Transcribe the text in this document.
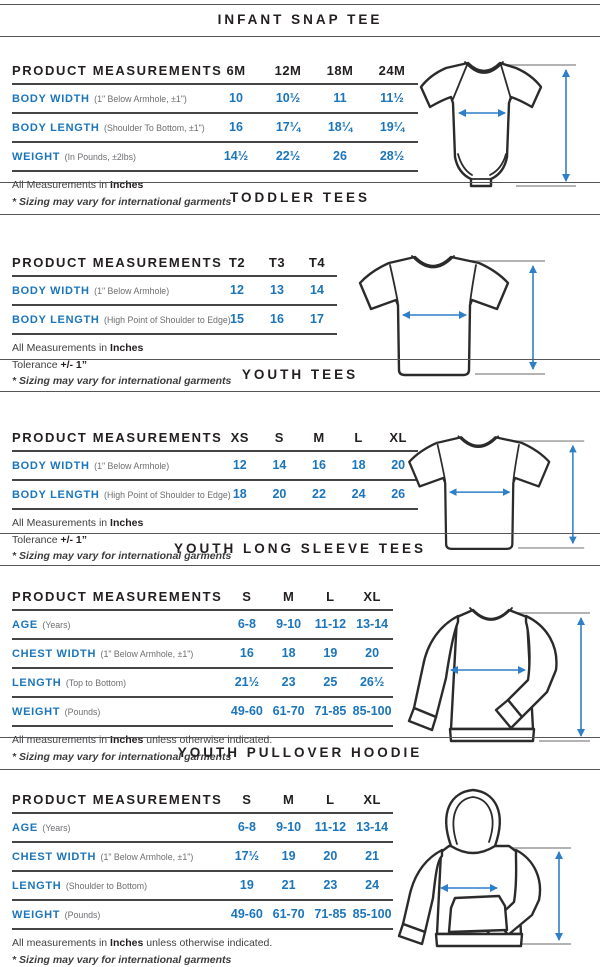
INFANT SNAP TEE
PRODUCT MEASUREMENTS	6M	12M	18M	24M
BODY WIDTH (1" Below Armhole, ±1")	10	10½	11	11½
BODY LENGTH (Shoulder To Bottom, ±1")	16	17¼	18¼	19¼
WEIGHT (In Pounds, ±2lbs)	14½	22½	26	28½

All Measurements in Inches

* Sizing may vary for international garments

TODDLER TEES
PRODUCT MEASUREMENTS	T2	T3	T4
BODY WIDTH (1" Below Armhole)	12	13	14
BODY LENGTH (High Point of Shoulder to Edge)	15	16	17

All Measurements in Inches

Tolerance +/- 1”

* Sizing may vary for international garments YOUTH TEES
PRODUCT MEASUREMENTS	XS	S	M	L	XL
BODY WIDTH (1" Below Armhole)	12	14	16	18	20
BODY LENGTH (High Point of Shoulder to Edge)	18	20	22	24	26

All Measurements in Inches

Tolerance +/- 1”

* Sizing may vary for international garments

YOUTH LONG SLEEVE TEES
PRODUCT MEASUREMENTS	S	M	L	XL
AGE (Years)	6-8	9-10	11-12	13-14
CHEST WIDTH (1" Below Armhole, ±1")	16	18	19	20
LENGTH (Top to Bottom)	21½	23	25	26½
WEIGHT (Pounds)	49-60	61-70	71-85	85-100

All measurements in Inches unless otherwise indicated.

* Sizing may vary for international garments

YOUTH PULLOVER HOODIE
PRODUCT MEASUREMENTS	S	M	L	XL
AGE (Years)	6-8	9-10	11-12	13-14
CHEST WIDTH (1" Below Armhole, ±1")	17½	19	20	21
LENGTH (Shoulder to Bottom)	19	21	23	24
WEIGHT (Pounds)	49-60	61-70	71-85	85-100

All measurements in Inches unless otherwise indicated.

* Sizing may vary for international garments
